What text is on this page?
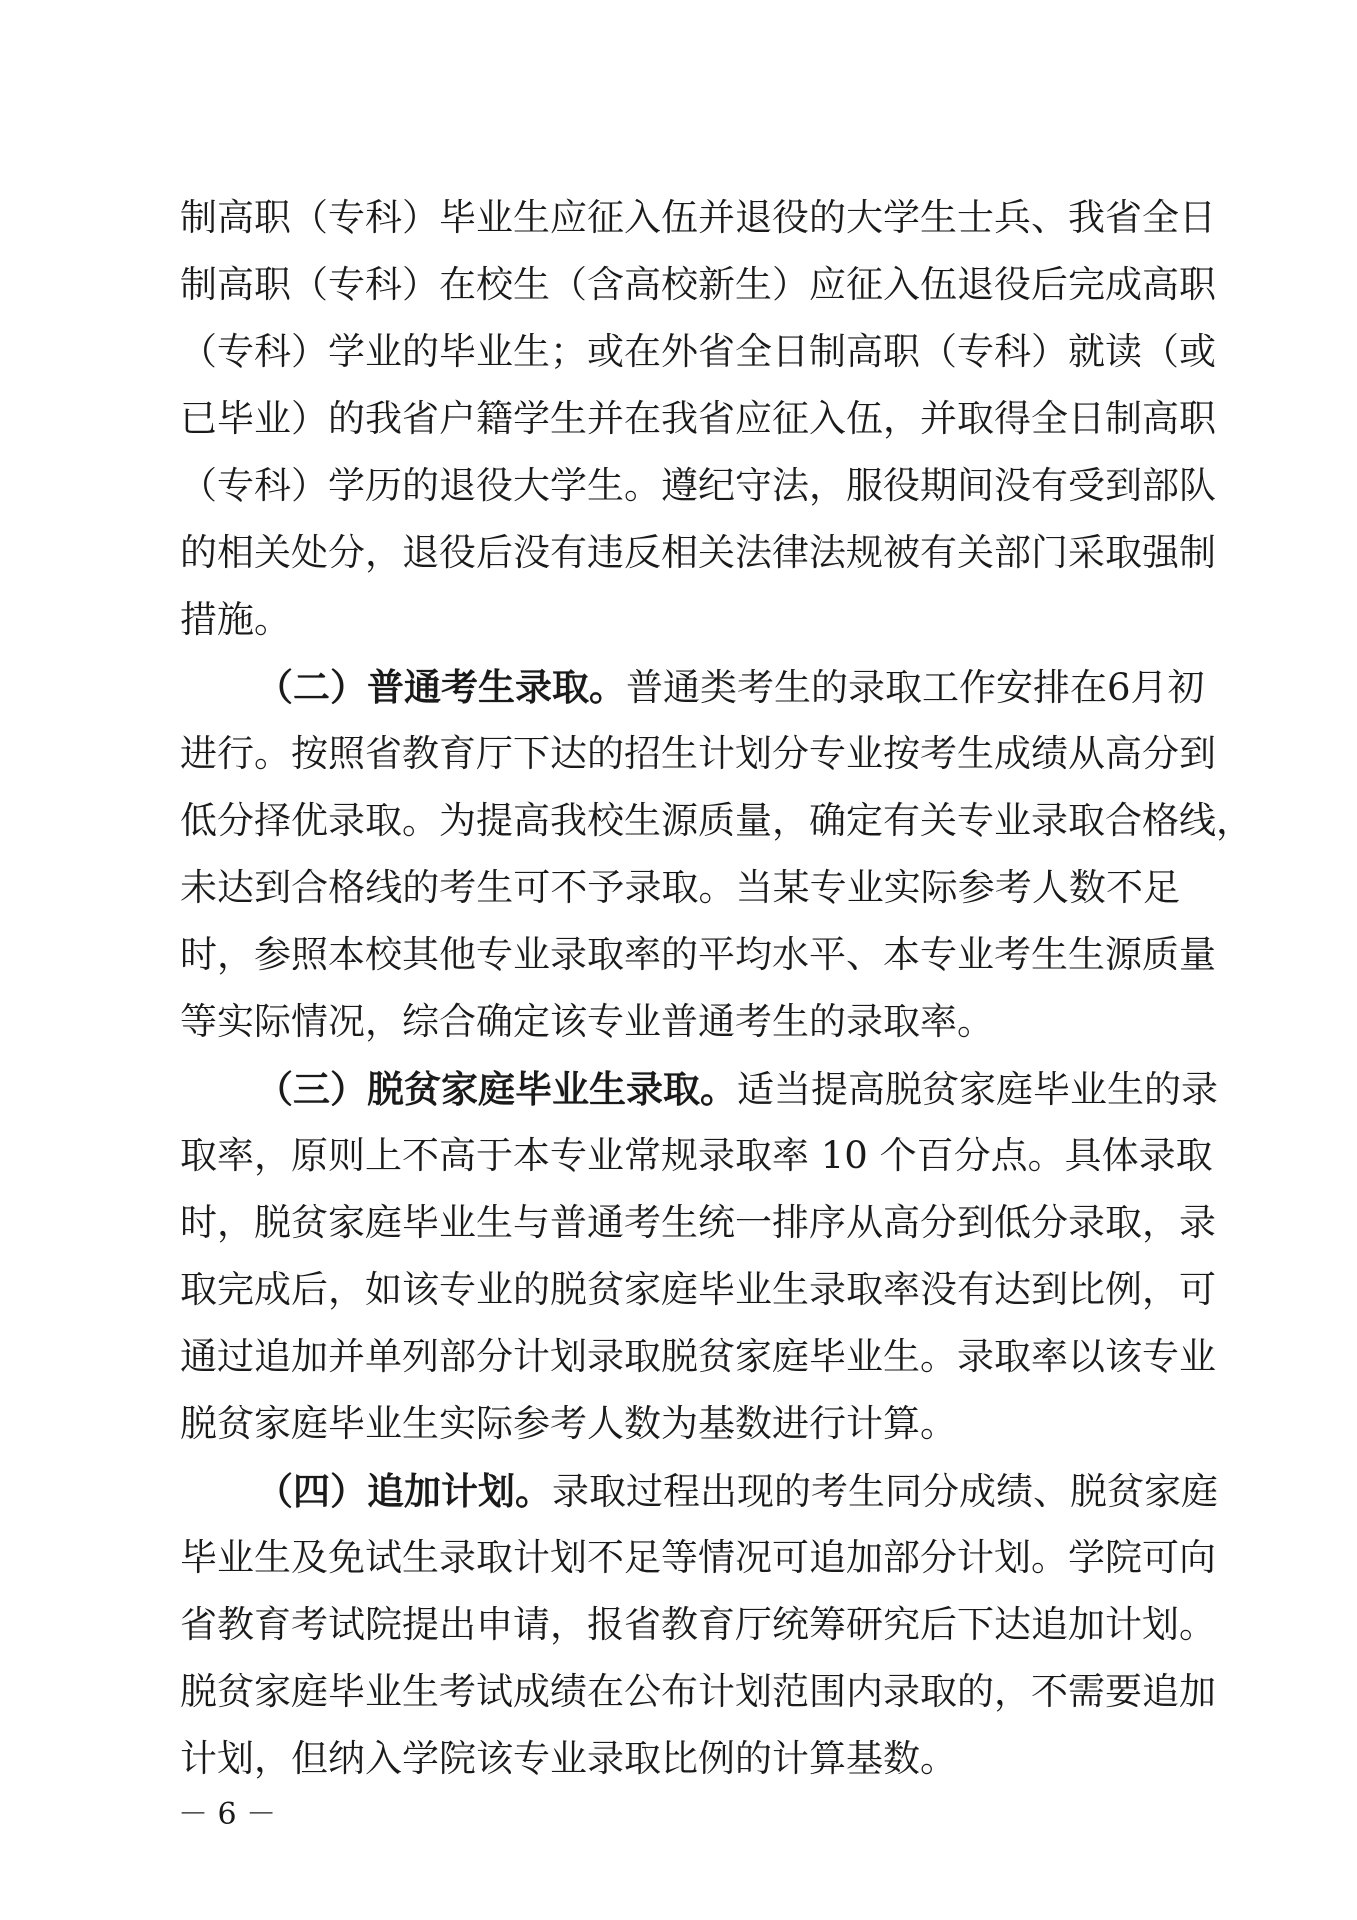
制高职（专科）毕业生应征入伍并退役的大学生士兵、我省全日
制高职（专科）在校生（含高校新生）应征入伍退役后完成高职
（专科）学业的毕业生；或在外省全日制高职（专科）就读（或
已毕业）的我省户籍学生并在我省应征入伍，并取得全日制高职
（专科）学历的退役大学生。遵纪守法，服役期间没有受到部队
的相关处分，退役后没有违反相关法律法规被有关部门采取强制
措施。
（二）普通考生录取。普通类考生的录取工作安排在6月初
进行。按照省教育厅下达的招生计划分专业按考生成绩从高分到
低分择优录取。为提高我校生源质量，确定有关专业录取合格线，
未达到合格线的考生可不予录取。当某专业实际参考人数不足
时，参照本校其他专业录取率的平均水平、本专业考生生源质量
等实际情况，综合确定该专业普通考生的录取率。
（三）脱贫家庭毕业生录取。适当提高脱贫家庭毕业生的录
取率，原则上不高于本专业常规录取率 10 个百分点。具体录取
时，脱贫家庭毕业生与普通考生统一排序从高分到低分录取，录
取完成后，如该专业的脱贫家庭毕业生录取率没有达到比例，可
通过追加并单列部分计划录取脱贫家庭毕业生。录取率以该专业
脱贫家庭毕业生实际参考人数为基数进行计算。
（四）追加计划。录取过程出现的考生同分成绩、脱贫家庭
毕业生及免试生录取计划不足等情况可追加部分计划。学院可向
省教育考试院提出申请，报省教育厅统筹研究后下达追加计划。
脱贫家庭毕业生考试成绩在公布计划范围内录取的，不需要追加
计划，但纳入学院该专业录取比例的计算基数。
－ 6 －
